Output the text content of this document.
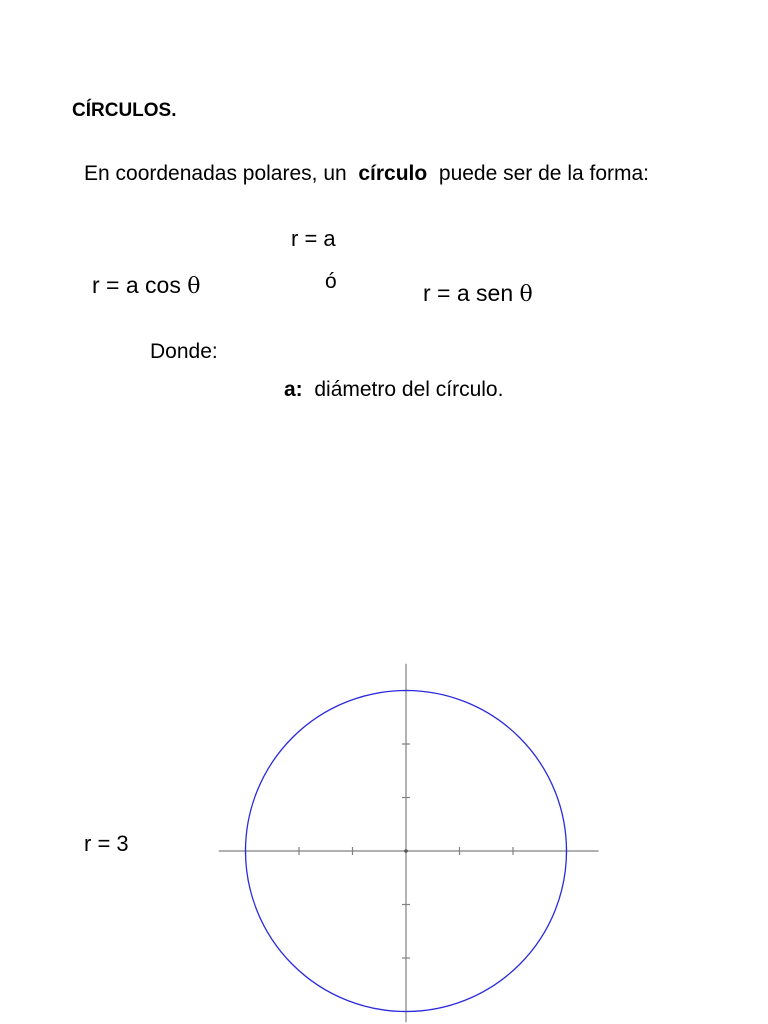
CÍRCULOS.
En coordenadas polares, un círculo puede ser de la forma:
r = a
r = a cos θ	ó	r = a sen θ
Donde:
a: diámetro del círculo.
r = 3
